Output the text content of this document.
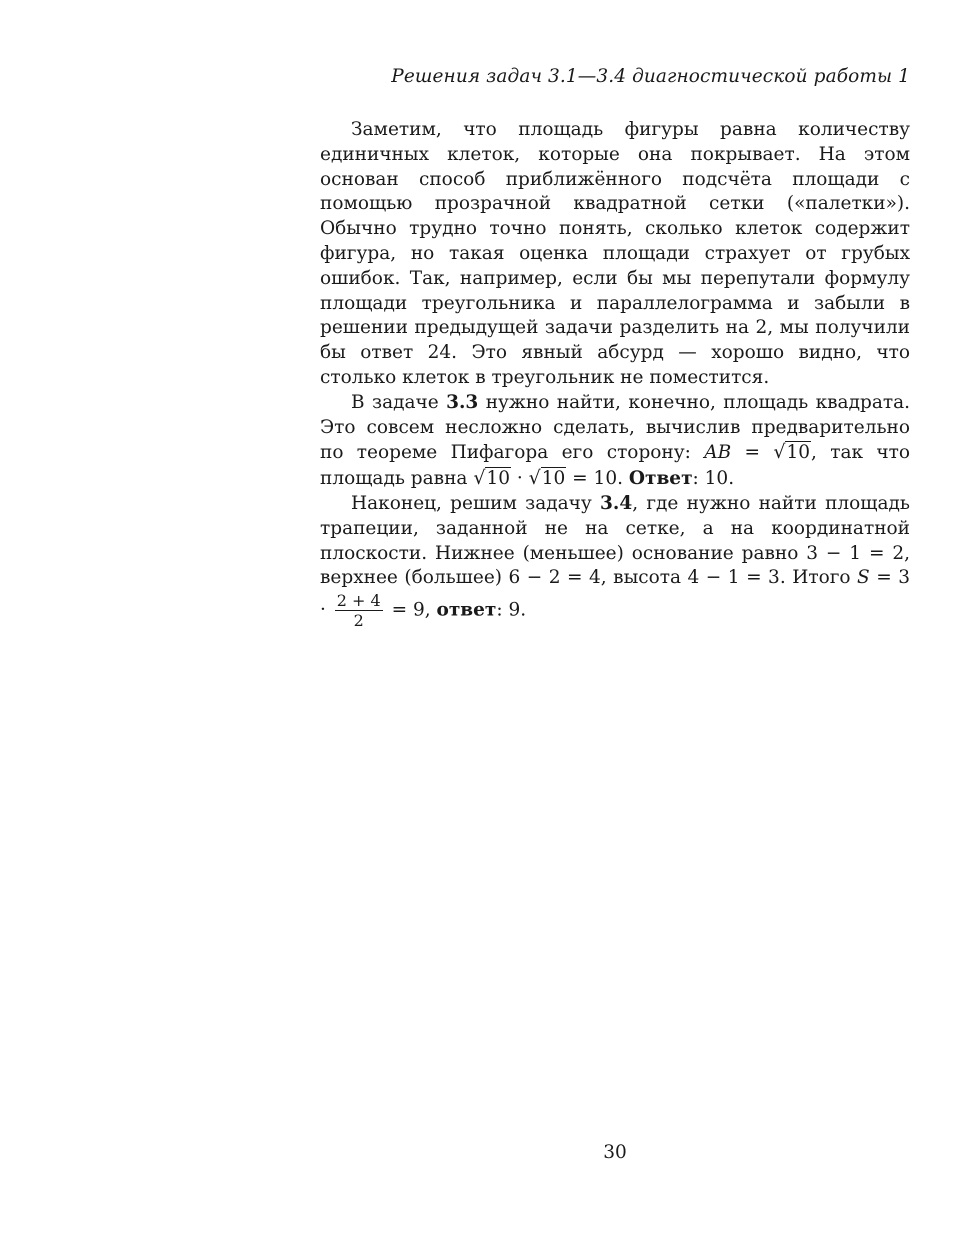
Решения задач 3.1—3.4 диагностической работы 1

Заметим, что площадь фигуры равна количеству единичных клеток, которые она покрывает. На этом основан способ приближённого подсчёта площади с помощью прозрачной квадратной сетки («палетки»). Обычно трудно точно понять, сколько клеток содержит фигура, но такая оценка площади страхует от грубых ошибок. Так, например, если бы мы перепутали формулу площади треугольника и параллелограмма и забыли в решении предыдущей задачи разделить на 2, мы получили бы ответ 24. Это явный абсурд — хорошо видно, что столько клеток в треугольник не поместится.

В задаче 3.3 нужно найти, конечно, площадь квадрата. Это совсем несложно сделать, вычислив предварительно по теореме Пифагора его сторону: AB = √10, так что площадь равна √10 · √10 = 10. Ответ: 10.

Наконец, решим задачу 3.4, где нужно найти площадь трапеции, заданной не на сетке, а на координатной плоскости. Нижнее (меньшее) основание равно 3 − 1 = 2, верхнее (большее) 6 − 2 = 4, высота 4 − 1 = 3. Итого $S = 3 \cdot \frac{2 + 4}{2} = 9$, ответ: 9.

30
